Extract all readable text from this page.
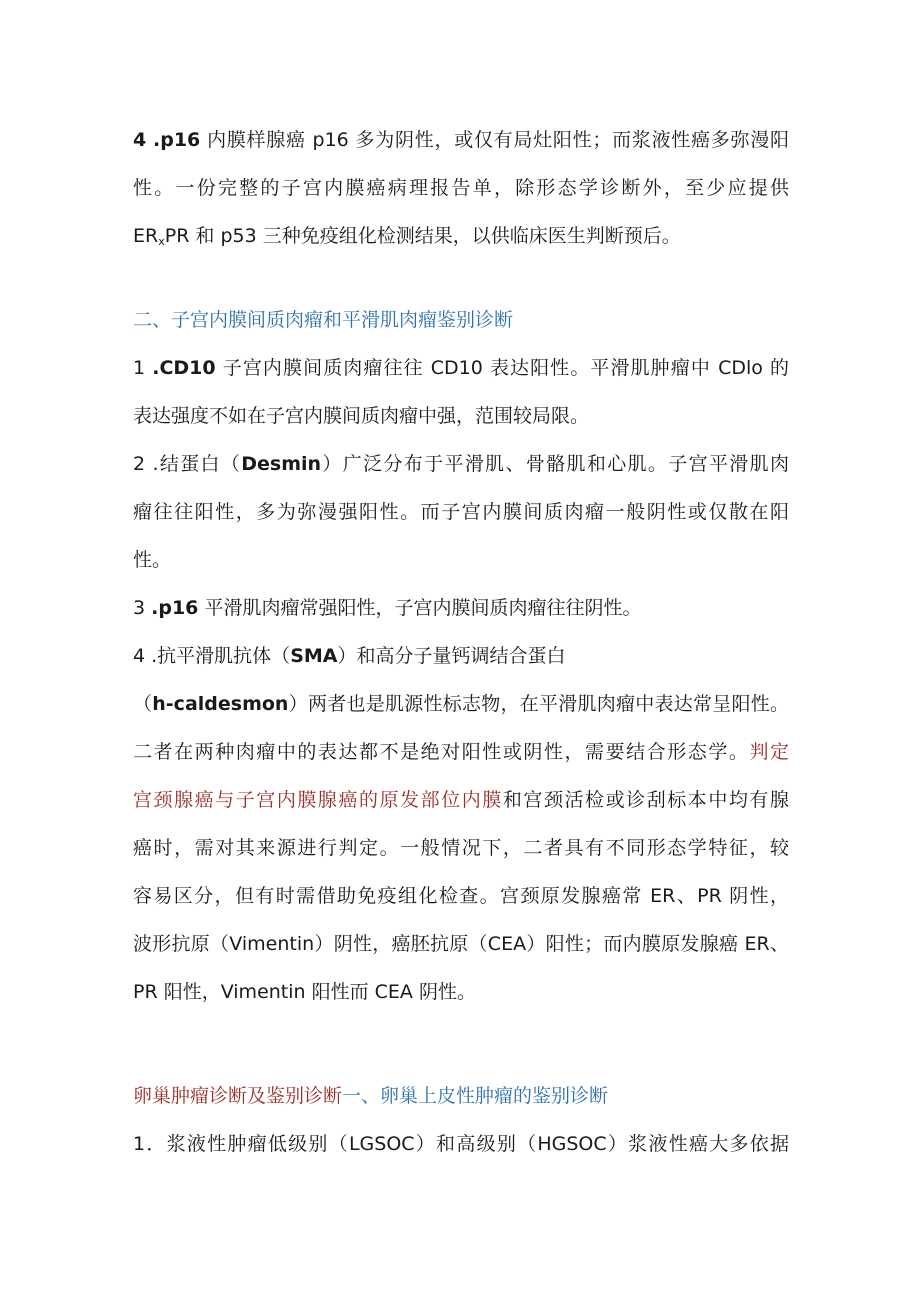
4 .p16 内膜样腺癌 p16 多为阴性，或仅有局灶阳性；而浆液性癌多弥漫阳
性。一份完整的子宫内膜癌病理报告单，除形态学诊断外，至少应提供
$ER_xPR$ 和 p53 三种免疫组化检测结果，以供临床医生判断预后。
二、子宫内膜间质肉瘤和平滑肌肉瘤鉴别诊断
1 .CD10 子宫内膜间质肉瘤往往 CD10 表达阳性。平滑肌肿瘤中 CDlo 的
表达强度不如在子宫内膜间质肉瘤中强，范围较局限。
2 .结蛋白（Desmin）广泛分布于平滑肌、骨骼肌和心肌。子宫平滑肌肉
瘤往往阳性，多为弥漫强阳性。而子宫内膜间质肉瘤一般阴性或仅散在阳
性。
3 .p16 平滑肌肉瘤常强阳性，子宫内膜间质肉瘤往往阴性。
4 .抗平滑肌抗体（SMA）和高分子量钙调结合蛋白
（h-caldesmon）两者也是肌源性标志物，在平滑肌肉瘤中表达常呈阳性。
二者在两种肉瘤中的表达都不是绝对阳性或阴性，需要结合形态学。判定
宫颈腺癌与子宫内膜腺癌的原发部位内膜和宫颈活检或诊刮标本中均有腺
癌时，需对其来源进行判定。一般情况下，二者具有不同形态学特征，较
容易区分，但有时需借助免疫组化检查。宫颈原发腺癌常 ER、PR 阴性，
波形抗原（Vimentin）阴性，癌胚抗原（CEA）阳性；而内膜原发腺癌 ER、
PR 阳性，Vimentin 阳性而 CEA 阴性。
卵巢肿瘤诊断及鉴别诊断一、卵巢上皮性肿瘤的鉴别诊断
1．浆液性肿瘤低级别（LGSOC）和高级别（HGSOC）浆液性癌大多依据
